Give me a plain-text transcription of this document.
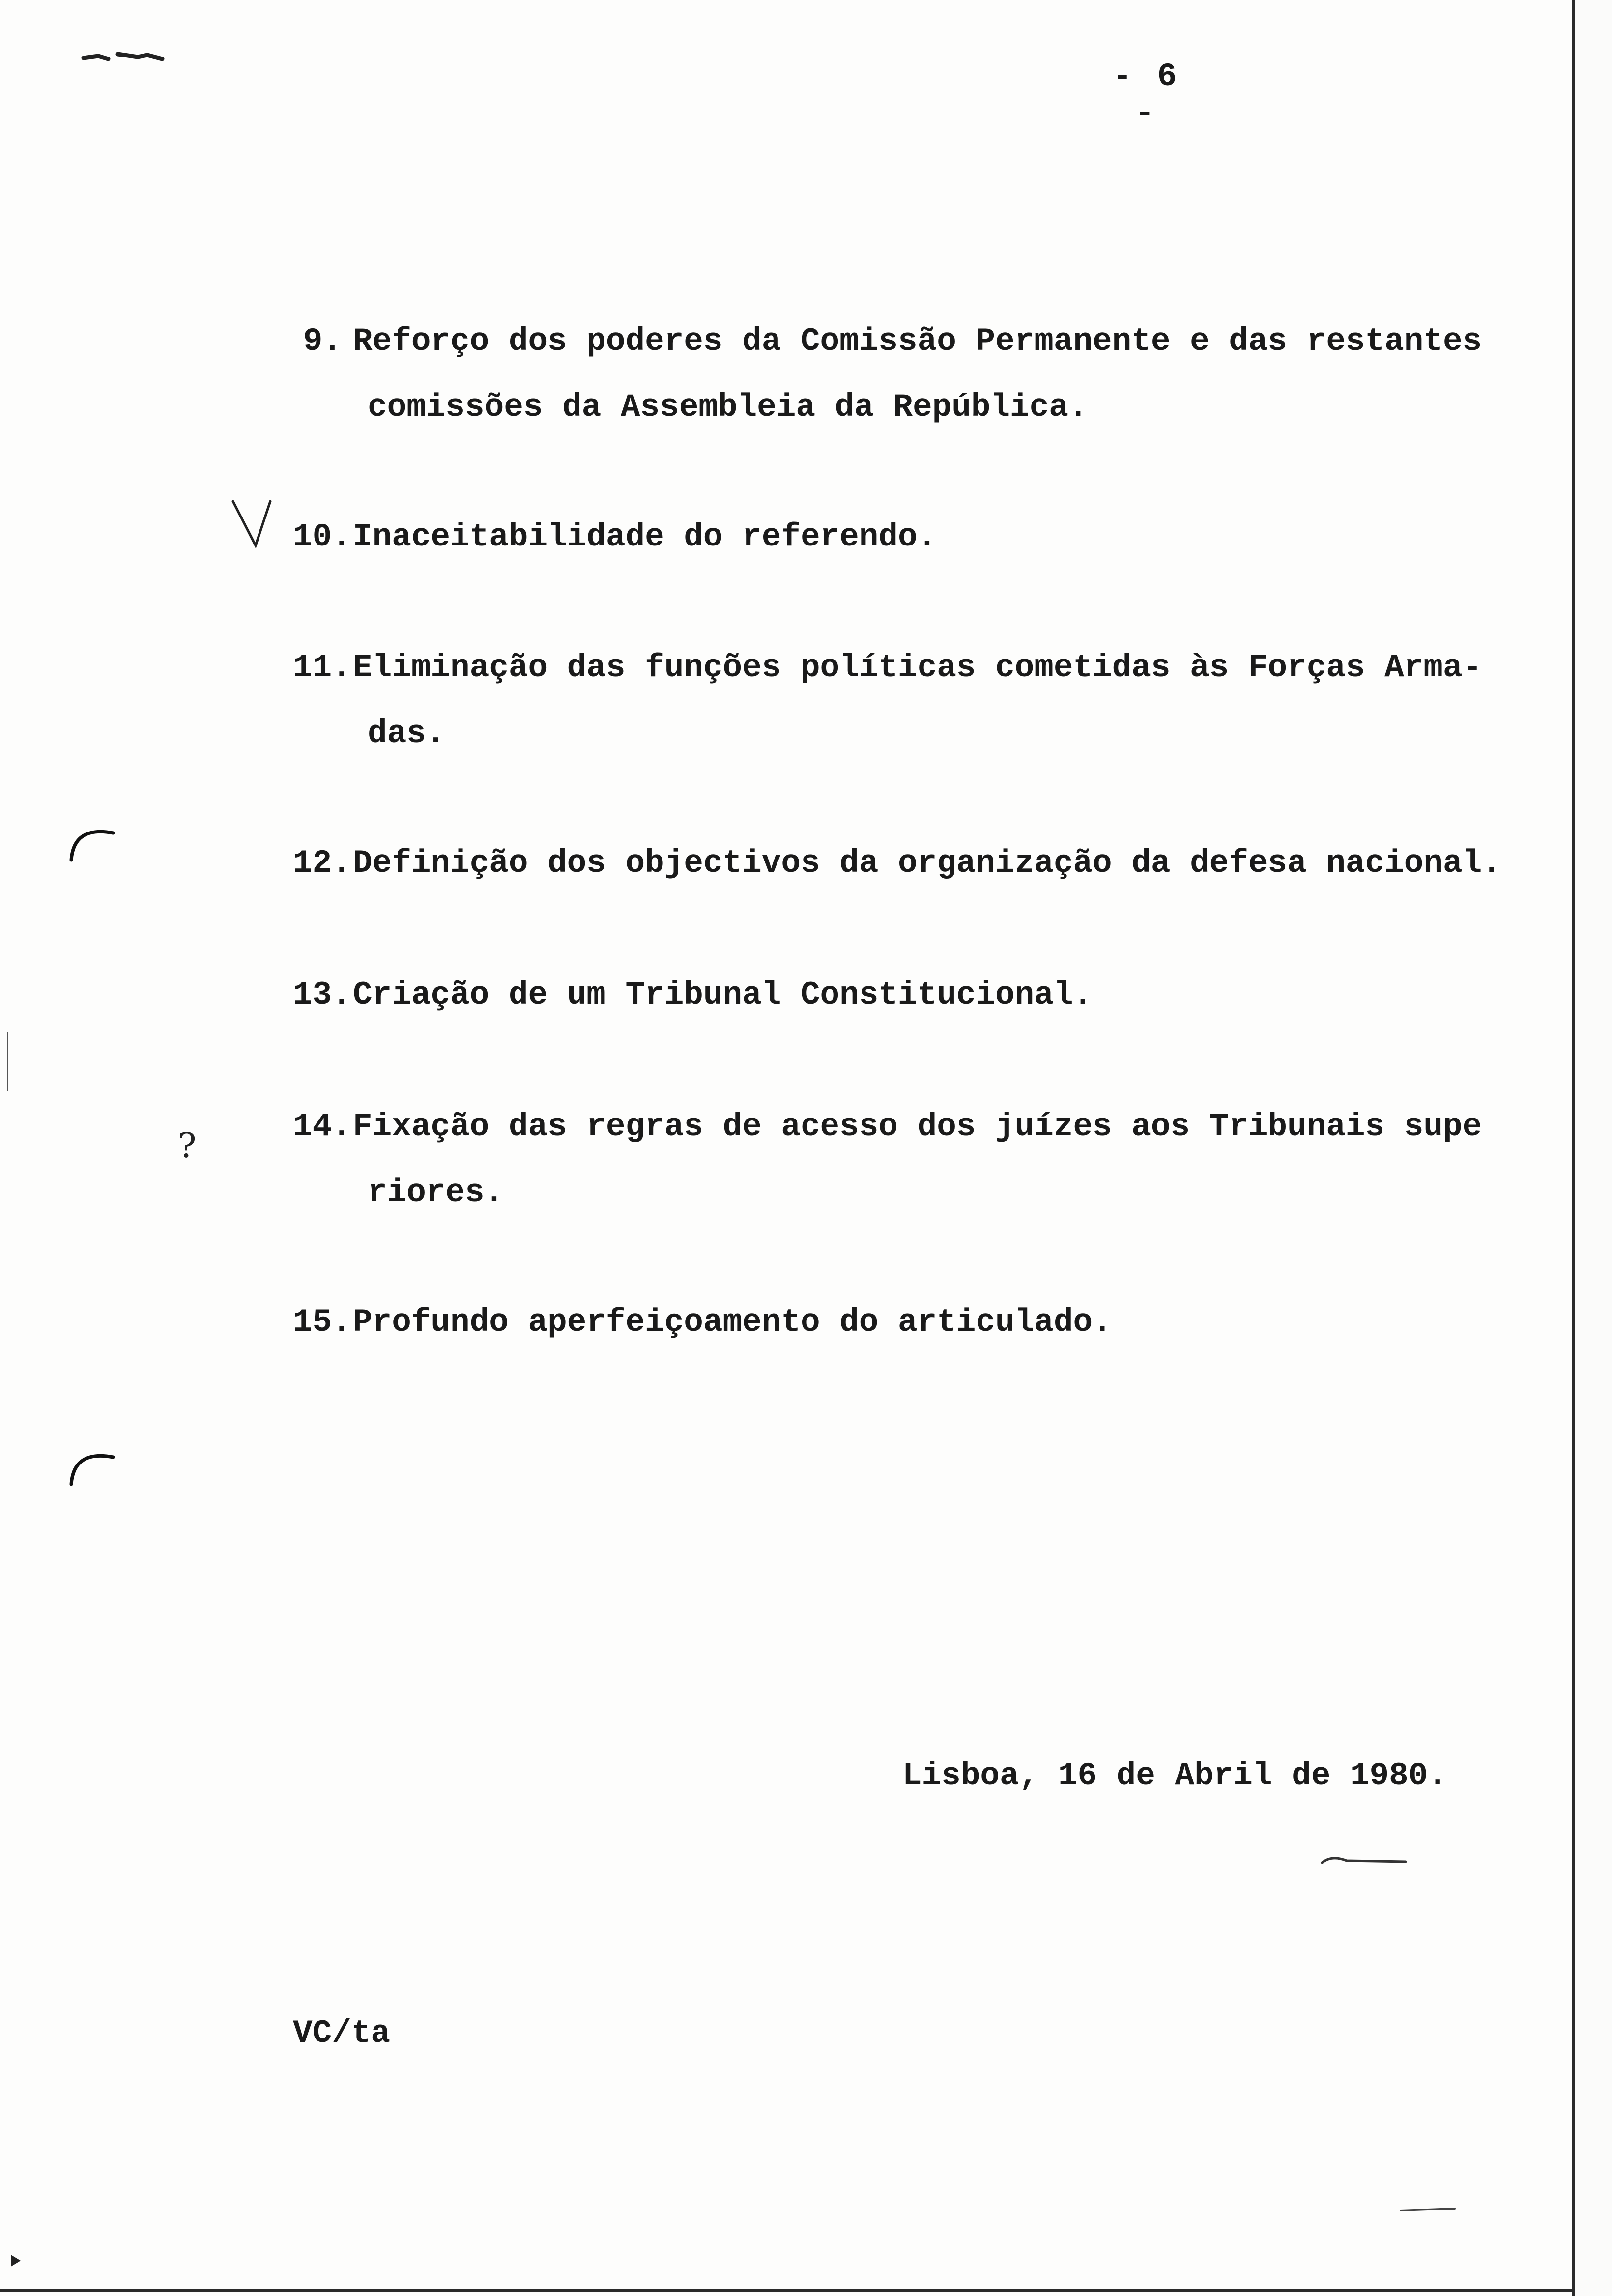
?
- 6 -
9. Reforço dos poderes da Comissão Permanente e das restantes
comissões da Assembleia da República.
10.Inaceitabilidade do referendo.
11.Eliminação das funções políticas cometidas às Forças Arma-
das.
12.Definição dos objectivos da organização da defesa nacional.
13.Criação de um Tribunal Constitucional.
14.Fixação das regras de acesso dos juízes aos Tribunais supe
riores.
15.Profundo aperfeiçoamento do articulado.
Lisboa, 16 de Abril de 1980.
VC/ta
